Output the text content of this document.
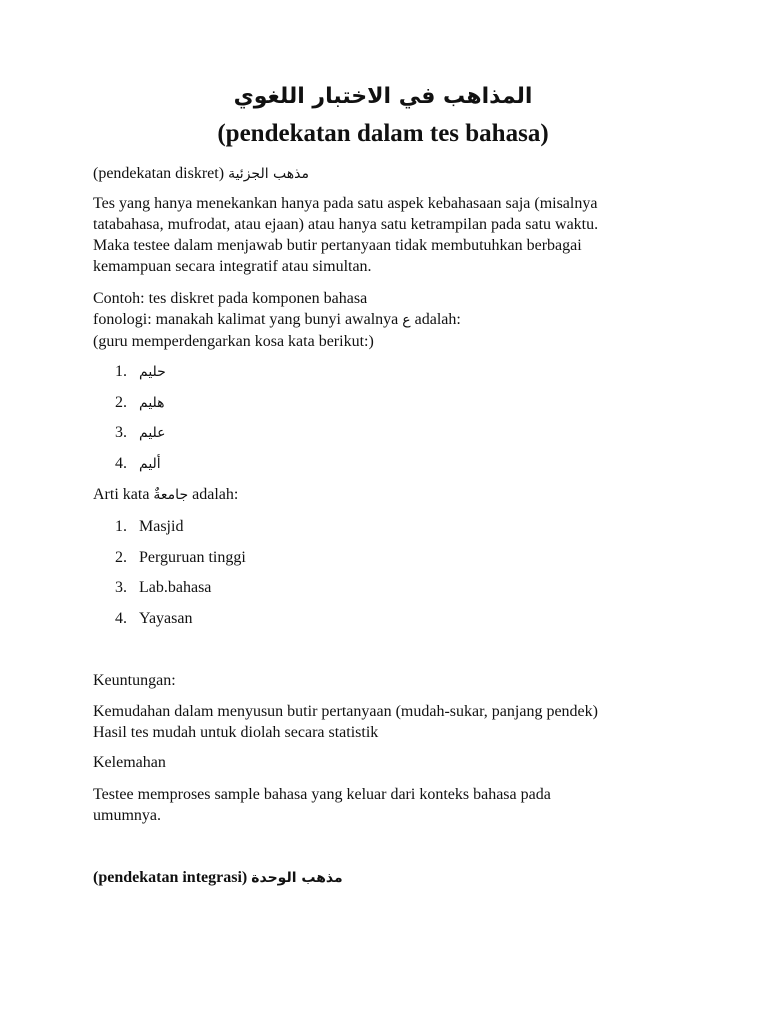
المذاهب في الاختبار اللغوي
(pendekatan dalam tes bahasa)
(pendekatan diskret) مذهب الجزئية
Tes yang hanya menekankan hanya pada satu aspek kebahasaan saja (misalnya
tatabahasa, mufrodat, atau ejaan) atau hanya satu ketrampilan pada satu waktu.
Maka testee dalam menjawab butir pertanyaan tidak membutuhkan berbagai
kemampuan secara integratif atau simultan.
Contoh: tes diskret pada komponen bahasa
fonologi: manakah kalimat yang bunyi awalnya ع adalah:
(guru memperdengarkan kosa kata berikut:)
1. حليم
2. هليم
3. عليم
4. أليم
Arti kata جامعةٌ adalah:
1. Masjid
2. Perguruan tinggi
3. Lab.bahasa
4. Yayasan
Keuntungan:
Kemudahan dalam menyusun butir pertanyaan (mudah-sukar, panjang pendek)
Hasil tes mudah untuk diolah secara statistik
Kelemahan
Testee memproses sample bahasa yang keluar dari konteks bahasa pada
umumnya.
(pendekatan integrasi) مذهب الوحدة
